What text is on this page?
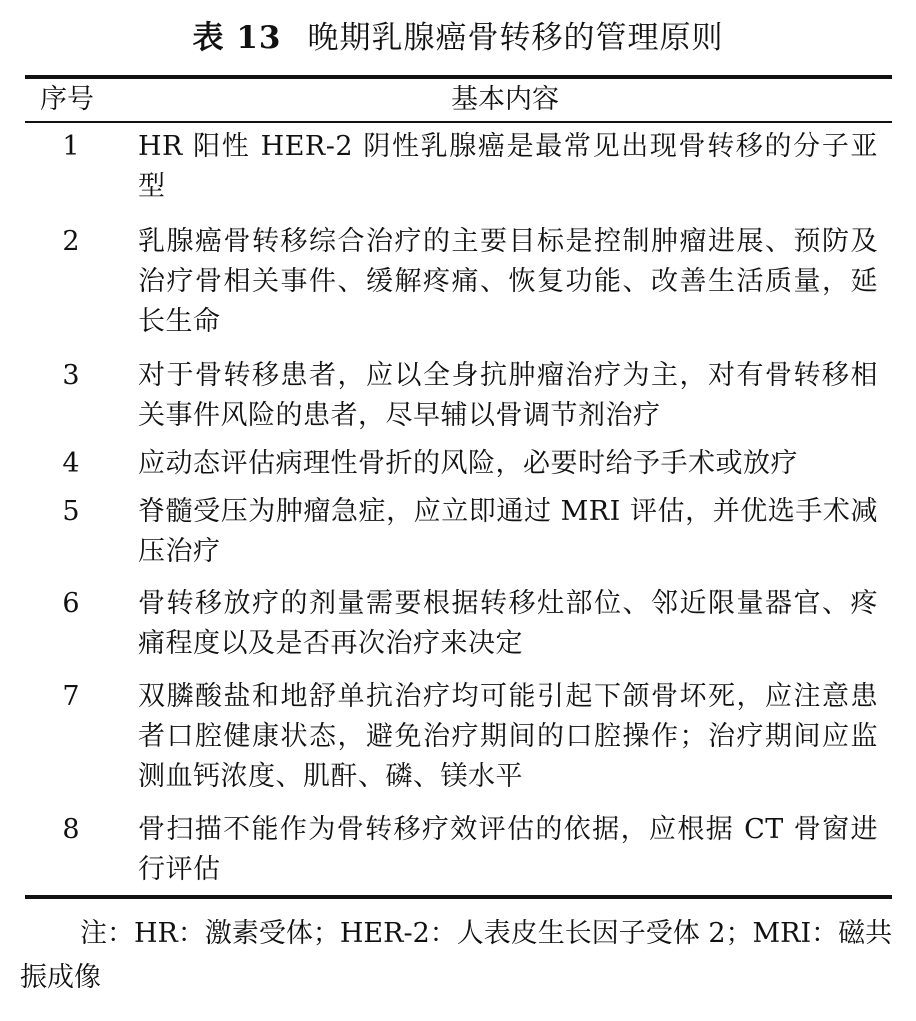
表 13 晚期乳腺癌骨转移的管理原则
序号	基本内容
1	HR 阳性 HER-2 阴性乳腺癌是最常见出现骨转移的分子亚型
2	乳腺癌骨转移综合治疗的主要目标是控制肿瘤进展、预防及治疗骨相关事件、缓解疼痛、恢复功能、改善生活质量，延长生命
3	对于骨转移患者，应以全身抗肿瘤治疗为主，对有骨转移相关事件风险的患者，尽早辅以骨调节剂治疗
4	应动态评估病理性骨折的风险，必要时给予手术或放疗
5	脊髓受压为肿瘤急症，应立即通过 MRI 评估，并优选手术减压治疗
6	骨转移放疗的剂量需要根据转移灶部位、邻近限量器官、疼痛程度以及是否再次治疗来决定
7	双膦酸盐和地舒单抗治疗均可能引起下颌骨坏死，应注意患者口腔健康状态，避免治疗期间的口腔操作；治疗期间应监测血钙浓度、肌酐、磷、镁水平
8	骨扫描不能作为骨转移疗效评估的依据，应根据 CT 骨窗进行评估
注：HR：激素受体；HER-2：人表皮生长因子受体 2；MRI：磁共振成像
